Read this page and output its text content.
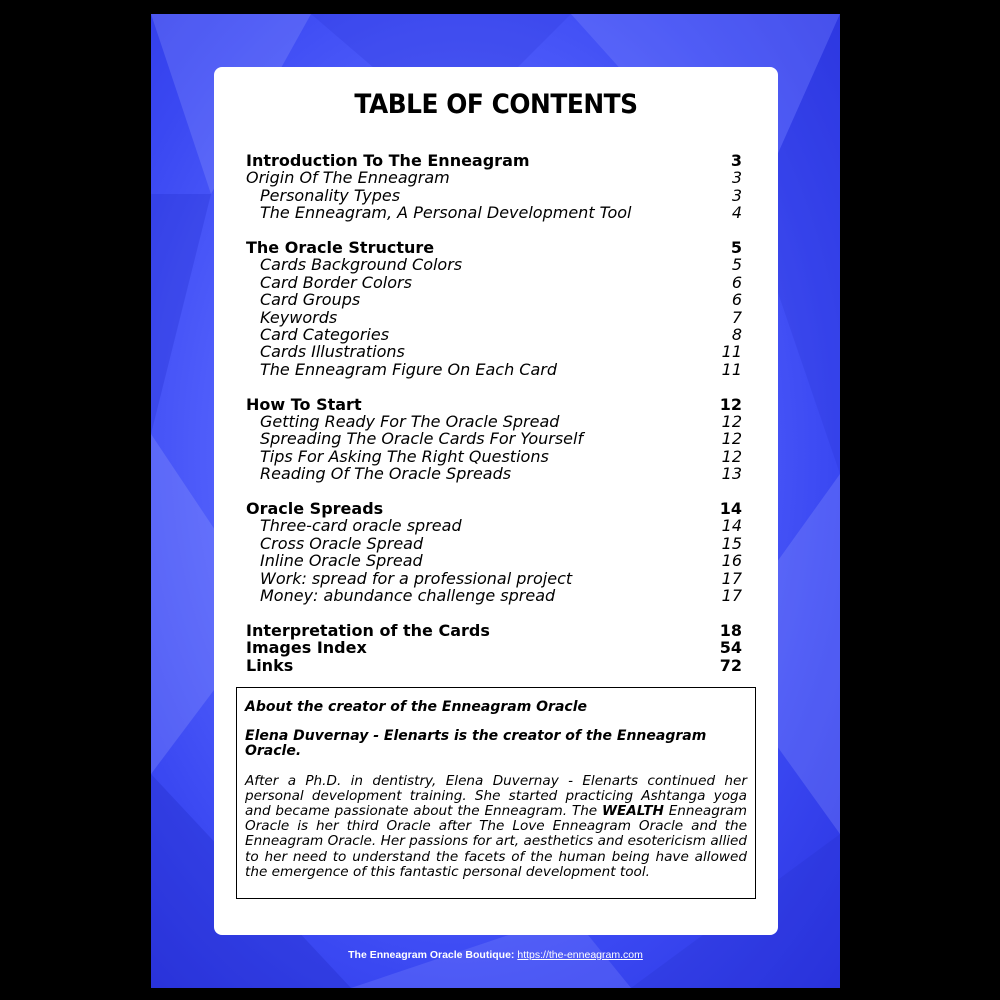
TABLE OF CONTENTS
Introduction To The Enneagram	3
Origin Of The Enneagram	3
Personality Types	3
The Enneagram, A Personal Development Tool	4
The Oracle Structure	5
Cards Background Colors	5
Card Border Colors	6
Card Groups	6
Keywords	7
Card Categories	8
Cards Illustrations	11
The Enneagram Figure On Each Card	11
How To Start	12
Getting Ready For The Oracle Spread	12
Spreading The Oracle Cards For Yourself	12
Tips For Asking The Right Questions	12
Reading Of The Oracle Spreads	13
Oracle Spreads	14
Three-card oracle spread	14
Cross Oracle Spread	15
Inline Oracle Spread	16
Work: spread for a professional project	17
Money: abundance challenge spread	17
Interpretation of the Cards	18
Images Index	54
Links	72

About the creator of the Enneagram Oracle

Elena Duvernay - Elenarts is the creator of the Enneagram Oracle.

After a Ph.D. in dentistry, Elena Duvernay - Elenarts continued her personal development training. She started practicing Ashtanga yoga and became passionate about the Enneagram. The WEALTH Enneagram Oracle is her third Oracle after The Love Enneagram Oracle and the Enneagram Oracle. Her passions for art, aesthetics and esotericism allied to her need to understand the facets of the human being have allowed the emergence of this fantastic personal development tool.

The Enneagram Oracle Boutique: https://the-enneagram.com
